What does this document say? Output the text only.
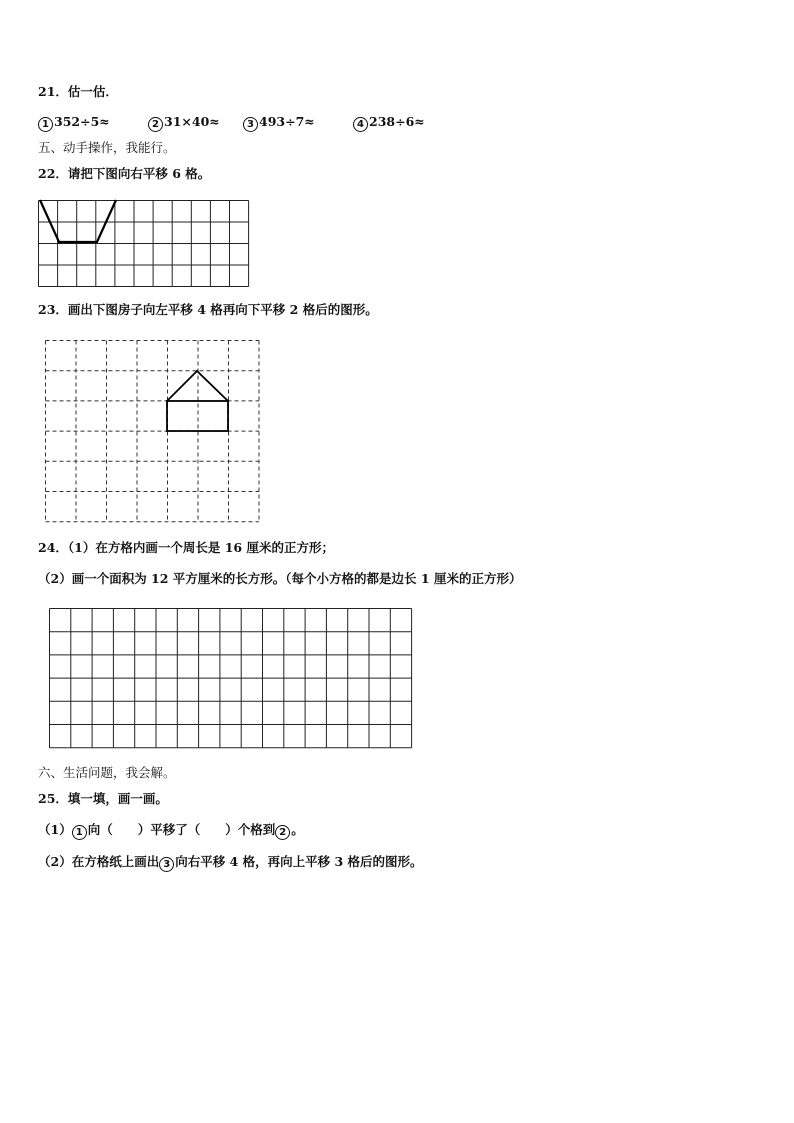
21．估一估．
1 352÷5≈	2 31×40≈	3 493÷7≈	4 238÷6≈
五、动手操作，我能行。
22．请把下图向右平移 6 格。
23．画出下图房子向左平移 4 格再向下平移 2 格后的图形。
24．（1）在方格内画一个周长是 16 厘米的正方形；
（2）画一个面积为 12 平方厘米的长方形。（每个小方格的都是边长 1 厘米的正方形）
六、生活问题，我会解。
25．填一填，画一画。
（1） 1 向（　　）平移了（　　）个格到 2 。
（2）在方格纸上画出 3 向右平移 4 格，再向上平移 3 格后的图形。
